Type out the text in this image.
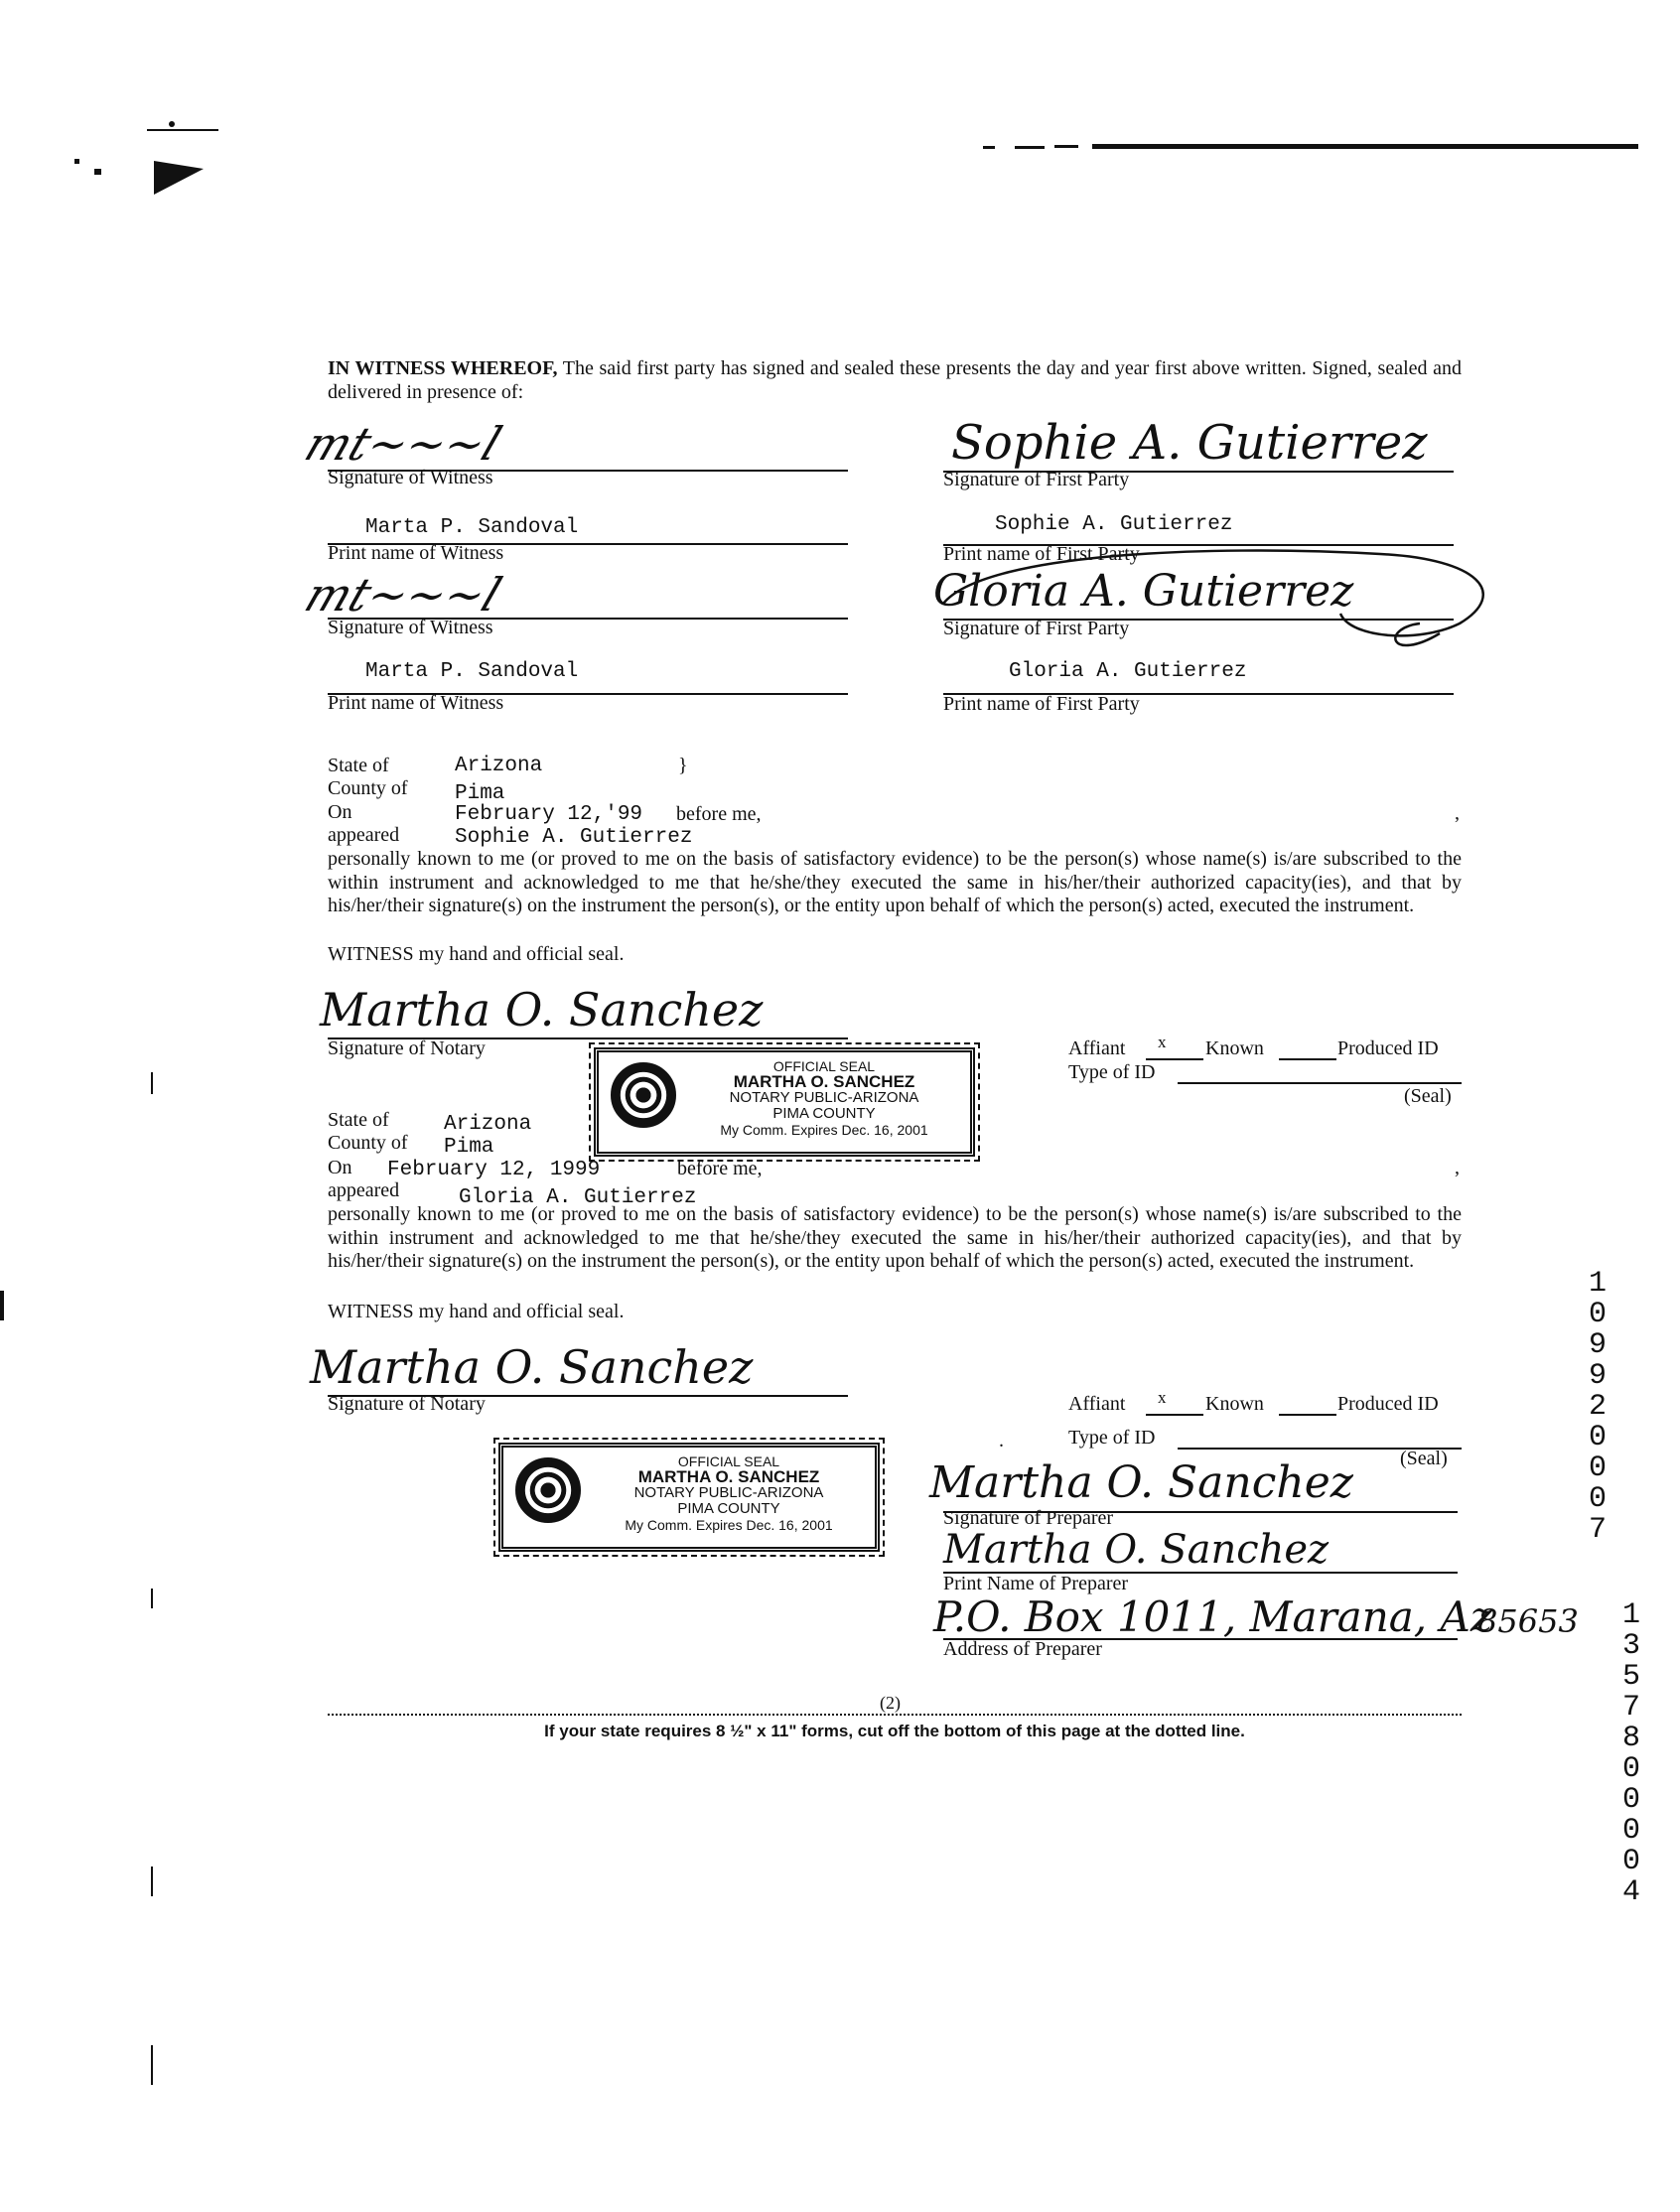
IN WITNESS WHEREOF, The said first party has signed and sealed these presents the day and year first above written. Signed, sealed and delivered in presence of:
mt~~~l
Signature of Witness
Marta P. Sandoval
Print name of Witness
mt~~~l
Signature of Witness
Marta P. Sandoval
Print name of Witness
Sophie A. Gutierrez
Signature of First Party
Sophie A. Gutierrez
Print name of First Party
Gloria A. Gutierrez
Signature of First Party
Gloria A. Gutierrez
Print name of First Party
State of	Arizona	}
County of Pima
On	February 12,'99 before me,	,
appeared	Sophie A. Gutierrez
personally known to me (or proved to me on the basis of satisfactory evidence) to be the person(s) whose name(s) is/are subscribed to the within instrument and acknowledged to me that he/she/they executed the same in his/her/their authorized capacity(ies), and that by his/her/their signature(s) on the instrument the person(s), or the entity upon behalf of which the person(s) acted, executed the instrument.
WITNESS my hand and official seal.
Martha O. Sanchez
Signature of Notary
OFFICIAL SEAL
MARTHA O. SANCHEZ
NOTARY PUBLIC-ARIZONA
PIMA COUNTY
My Comm. Expires Dec. 16, 2001
Affiant x Known	Produced ID
Type of ID
(Seal)
State of	Arizona
County of Pima
On February 12, 1999	before me,	,
appeared	Gloria A. Gutierrez
personally known to me (or proved to me on the basis of satisfactory evidence) to be the person(s) whose name(s) is/are subscribed to the within instrument and acknowledged to me that he/she/they executed the same in his/her/their authorized capacity(ies), and that by his/her/their signature(s) on the instrument the person(s), or the entity upon behalf of which the person(s) acted, executed the instrument.
WITNESS my hand and official seal.
Martha O. Sanchez
Signature of Notary
OFFICIAL SEAL
MARTHA O. SANCHEZ
NOTARY PUBLIC-ARIZONA
PIMA COUNTY
My Comm. Expires Dec. 16, 2001
Affiant x Known	Produced ID
.	Type of ID
(Seal)
Martha O. Sanchez
Signature of Preparer
Martha O. Sanchez
Print Name of Preparer
P.O. Box 1011, Marana, Az
85653
Address of Preparer
(2)
If your state requires 8 ½" x 11" forms, cut off the bottom of this page at the dotted line.
10992 0007
13578 00004
